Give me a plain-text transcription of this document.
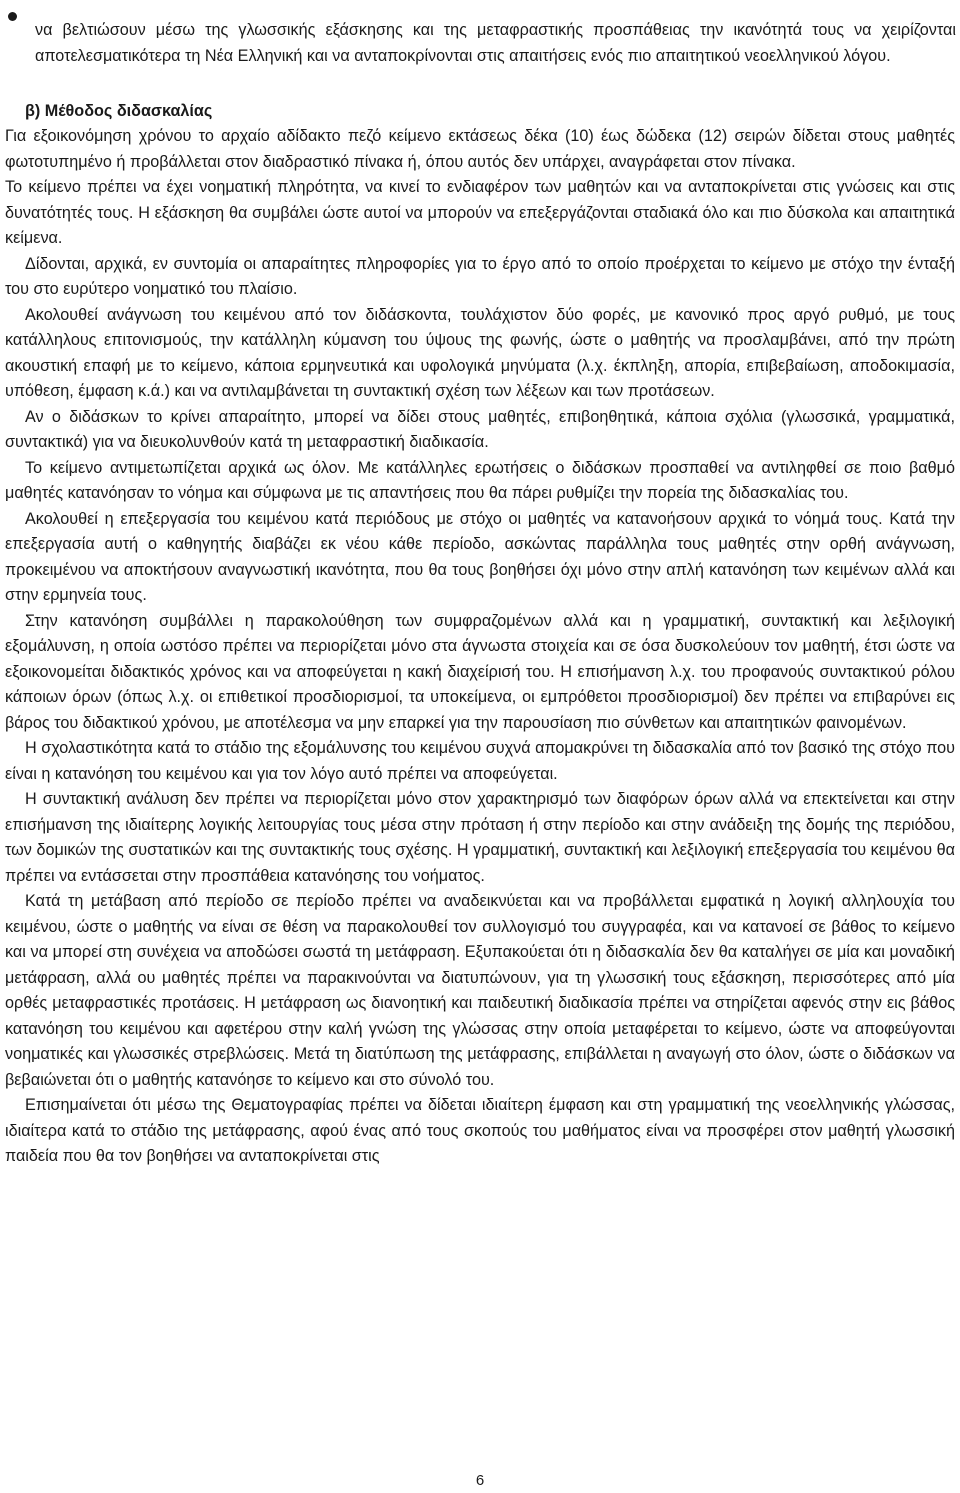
να βελτιώσουν μέσω της γλωσσικής εξάσκησης και της μεταφραστικής προσπάθειας την ικανότητά τους να χειρίζονται αποτελεσματικότερα τη Νέα Ελληνική και να ανταποκρίνονται στις απαιτήσεις ενός πιο απαιτητικού νεοελληνικού λόγου.

β) Μέθοδος διδασκαλίας

Για εξοικονόμηση χρόνου το αρχαίο αδίδακτο πεζό κείμενο εκτάσεως δέκα (10) έως δώδεκα (12) σειρών δίδεται στους μαθητές φωτοτυπημένο ή προβάλλεται στον διαδραστικό πίνακα ή, όπου αυτός δεν υπάρχει, αναγράφεται στον πίνακα.

Το κείμενο πρέπει να έχει νοηματική πληρότητα, να κινεί το ενδιαφέρον των μαθητών και να ανταποκρίνεται στις γνώσεις και στις δυνατότητές τους. Η εξάσκηση θα συμβάλει ώστε αυτοί να μπορούν να επεξεργάζονται σταδιακά όλο και πιο δύσκολα και απαιτητικά κείμενα.

Δίδονται, αρχικά, εν συντομία οι απαραίτητες πληροφορίες για το έργο από το οποίο προέρχεται το κείμενο με στόχο την ένταξή του στο ευρύτερο νοηματικό του πλαίσιο.

Ακολουθεί ανάγνωση του κειμένου από τον διδάσκοντα, τουλάχιστον δύο φορές, με κανονικό προς αργό ρυθμό, με τους κατάλληλους επιτονισμούς, την κατάλληλη κύμανση του ύψους της φωνής, ώστε ο μαθητής να προσλαμβάνει, από την πρώτη ακουστική επαφή με το κείμενο, κάποια ερμηνευτικά και υφολογικά μηνύματα (λ.χ. έκπληξη, απορία, επιβεβαίωση, αποδοκιμασία, υπόθεση, έμφαση κ.ά.) και να αντιλαμβάνεται τη συντακτική σχέση των λέξεων και των προτάσεων.

Αν ο διδάσκων το κρίνει απαραίτητο, μπορεί να δίδει στους μαθητές, επιβοηθητικά, κάποια σχόλια (γλωσσικά, γραμματικά, συντακτικά) για να διευκολυνθούν κατά τη μεταφραστική διαδικασία.

Το κείμενο αντιμετωπίζεται αρχικά ως όλον. Με κατάλληλες ερωτήσεις ο διδάσκων προσπαθεί να αντιληφθεί σε ποιο βαθμό μαθητές κατανόησαν το νόημα και σύμφωνα με τις απαντήσεις που θα πάρει ρυθμίζει την πορεία της διδασκαλίας του.

Ακολουθεί η επεξεργασία του κειμένου κατά περιόδους με στόχο οι μαθητές να κατανοήσουν αρχικά το νόημά τους. Κατά την επεξεργασία αυτή ο καθηγητής διαβάζει εκ νέου κάθε περίοδο, ασκώντας παράλληλα τους μαθητές στην ορθή ανάγνωση, προκειμένου να αποκτήσουν αναγνωστική ικανότητα, που θα τους βοηθήσει όχι μόνο στην απλή κατανόηση των κειμένων αλλά και στην ερμηνεία τους.

Στην κατανόηση συμβάλλει η παρακολούθηση των συμφραζομένων αλλά και η γραμματική, συντακτική και λεξιλογική εξομάλυνση, η οποία ωστόσο πρέπει να περιορίζεται μόνο στα άγνωστα στοιχεία και σε όσα δυσκολεύουν τον μαθητή, έτσι ώστε να εξοικονομείται διδακτικός χρόνος και να αποφεύγεται η κακή διαχείρισή του. Η επισήμανση λ.χ. του προφανούς συντακτικού ρόλου κάποιων όρων (όπως λ.χ. οι επιθετικοί προσδιορισμοί, τα υποκείμενα, οι εμπρόθετοι προσδιορισμοί) δεν πρέπει να επιβαρύνει εις βάρος του διδακτικού χρόνου, με αποτέλεσμα να μην επαρκεί για την παρουσίαση πιο σύνθετων και απαιτητικών φαινομένων.

Η σχολαστικότητα κατά το στάδιο της εξομάλυνσης του κειμένου συχνά απομακρύνει τη διδασκαλία από τον βασικό της στόχο που είναι η κατανόηση του κειμένου και για τον λόγο αυτό πρέπει να αποφεύγεται.

Η συντακτική ανάλυση δεν πρέπει να περιορίζεται μόνο στον χαρακτηρισμό των διαφόρων όρων αλλά να επεκτείνεται και στην επισήμανση της ιδιαίτερης λογικής λειτουργίας τους μέσα στην πρόταση ή στην περίοδο και στην ανάδειξη της δομής της περιόδου, των δομικών της συστατικών και της συντακτικής τους σχέσης. Η γραμματική, συντακτική και λεξιλογική επεξεργασία του κειμένου θα πρέπει να εντάσσεται στην προσπάθεια κατανόησης του νοήματος.

Κατά τη μετάβαση από περίοδο σε περίοδο πρέπει να αναδεικνύεται και να προβάλλεται εμφατικά η λογική αλληλουχία του κειμένου, ώστε ο μαθητής να είναι σε θέση να παρακολουθεί τον συλλογισμό του συγγραφέα, και να κατανοεί σε βάθος το κείμενο και να μπορεί στη συνέχεια να αποδώσει σωστά τη μετάφραση. Εξυπακούεται ότι η διδασκαλία δεν θα καταλήγει σε μία και μοναδική μετάφραση, αλλά ου μαθητές πρέπει να παρακινούνται να διατυπώνουν, για τη γλωσσική τους εξάσκηση, περισσότερες από μία ορθές μεταφραστικές προτάσεις. Η μετάφραση ως διανοητική και παιδευτική διαδικασία πρέπει να στηρίζεται αφενός στην εις βάθος κατανόηση του κειμένου και αφετέρου στην καλή γνώση της γλώσσας στην οποία μεταφέρεται το κείμενο, ώστε να αποφεύγονται νοηματικές και γλωσσικές στρεβλώσεις. Μετά τη διατύπωση της μετάφρασης, επιβάλλεται η αναγωγή στο όλον, ώστε ο διδάσκων να βεβαιώνεται ότι ο μαθητής κατανόησε το κείμενο και στο σύνολό του.

Επισημαίνεται ότι μέσω της Θεματογραφίας πρέπει να δίδεται ιδιαίτερη έμφαση και στη γραμματική της νεοελληνικής γλώσσας, ιδιαίτερα κατά το στάδιο της μετάφρασης, αφού ένας από τους σκοπούς του μαθήματος είναι να προσφέρει στον μαθητή γλωσσική παιδεία που θα τον βοηθήσει να ανταποκρίνεται στις

6
